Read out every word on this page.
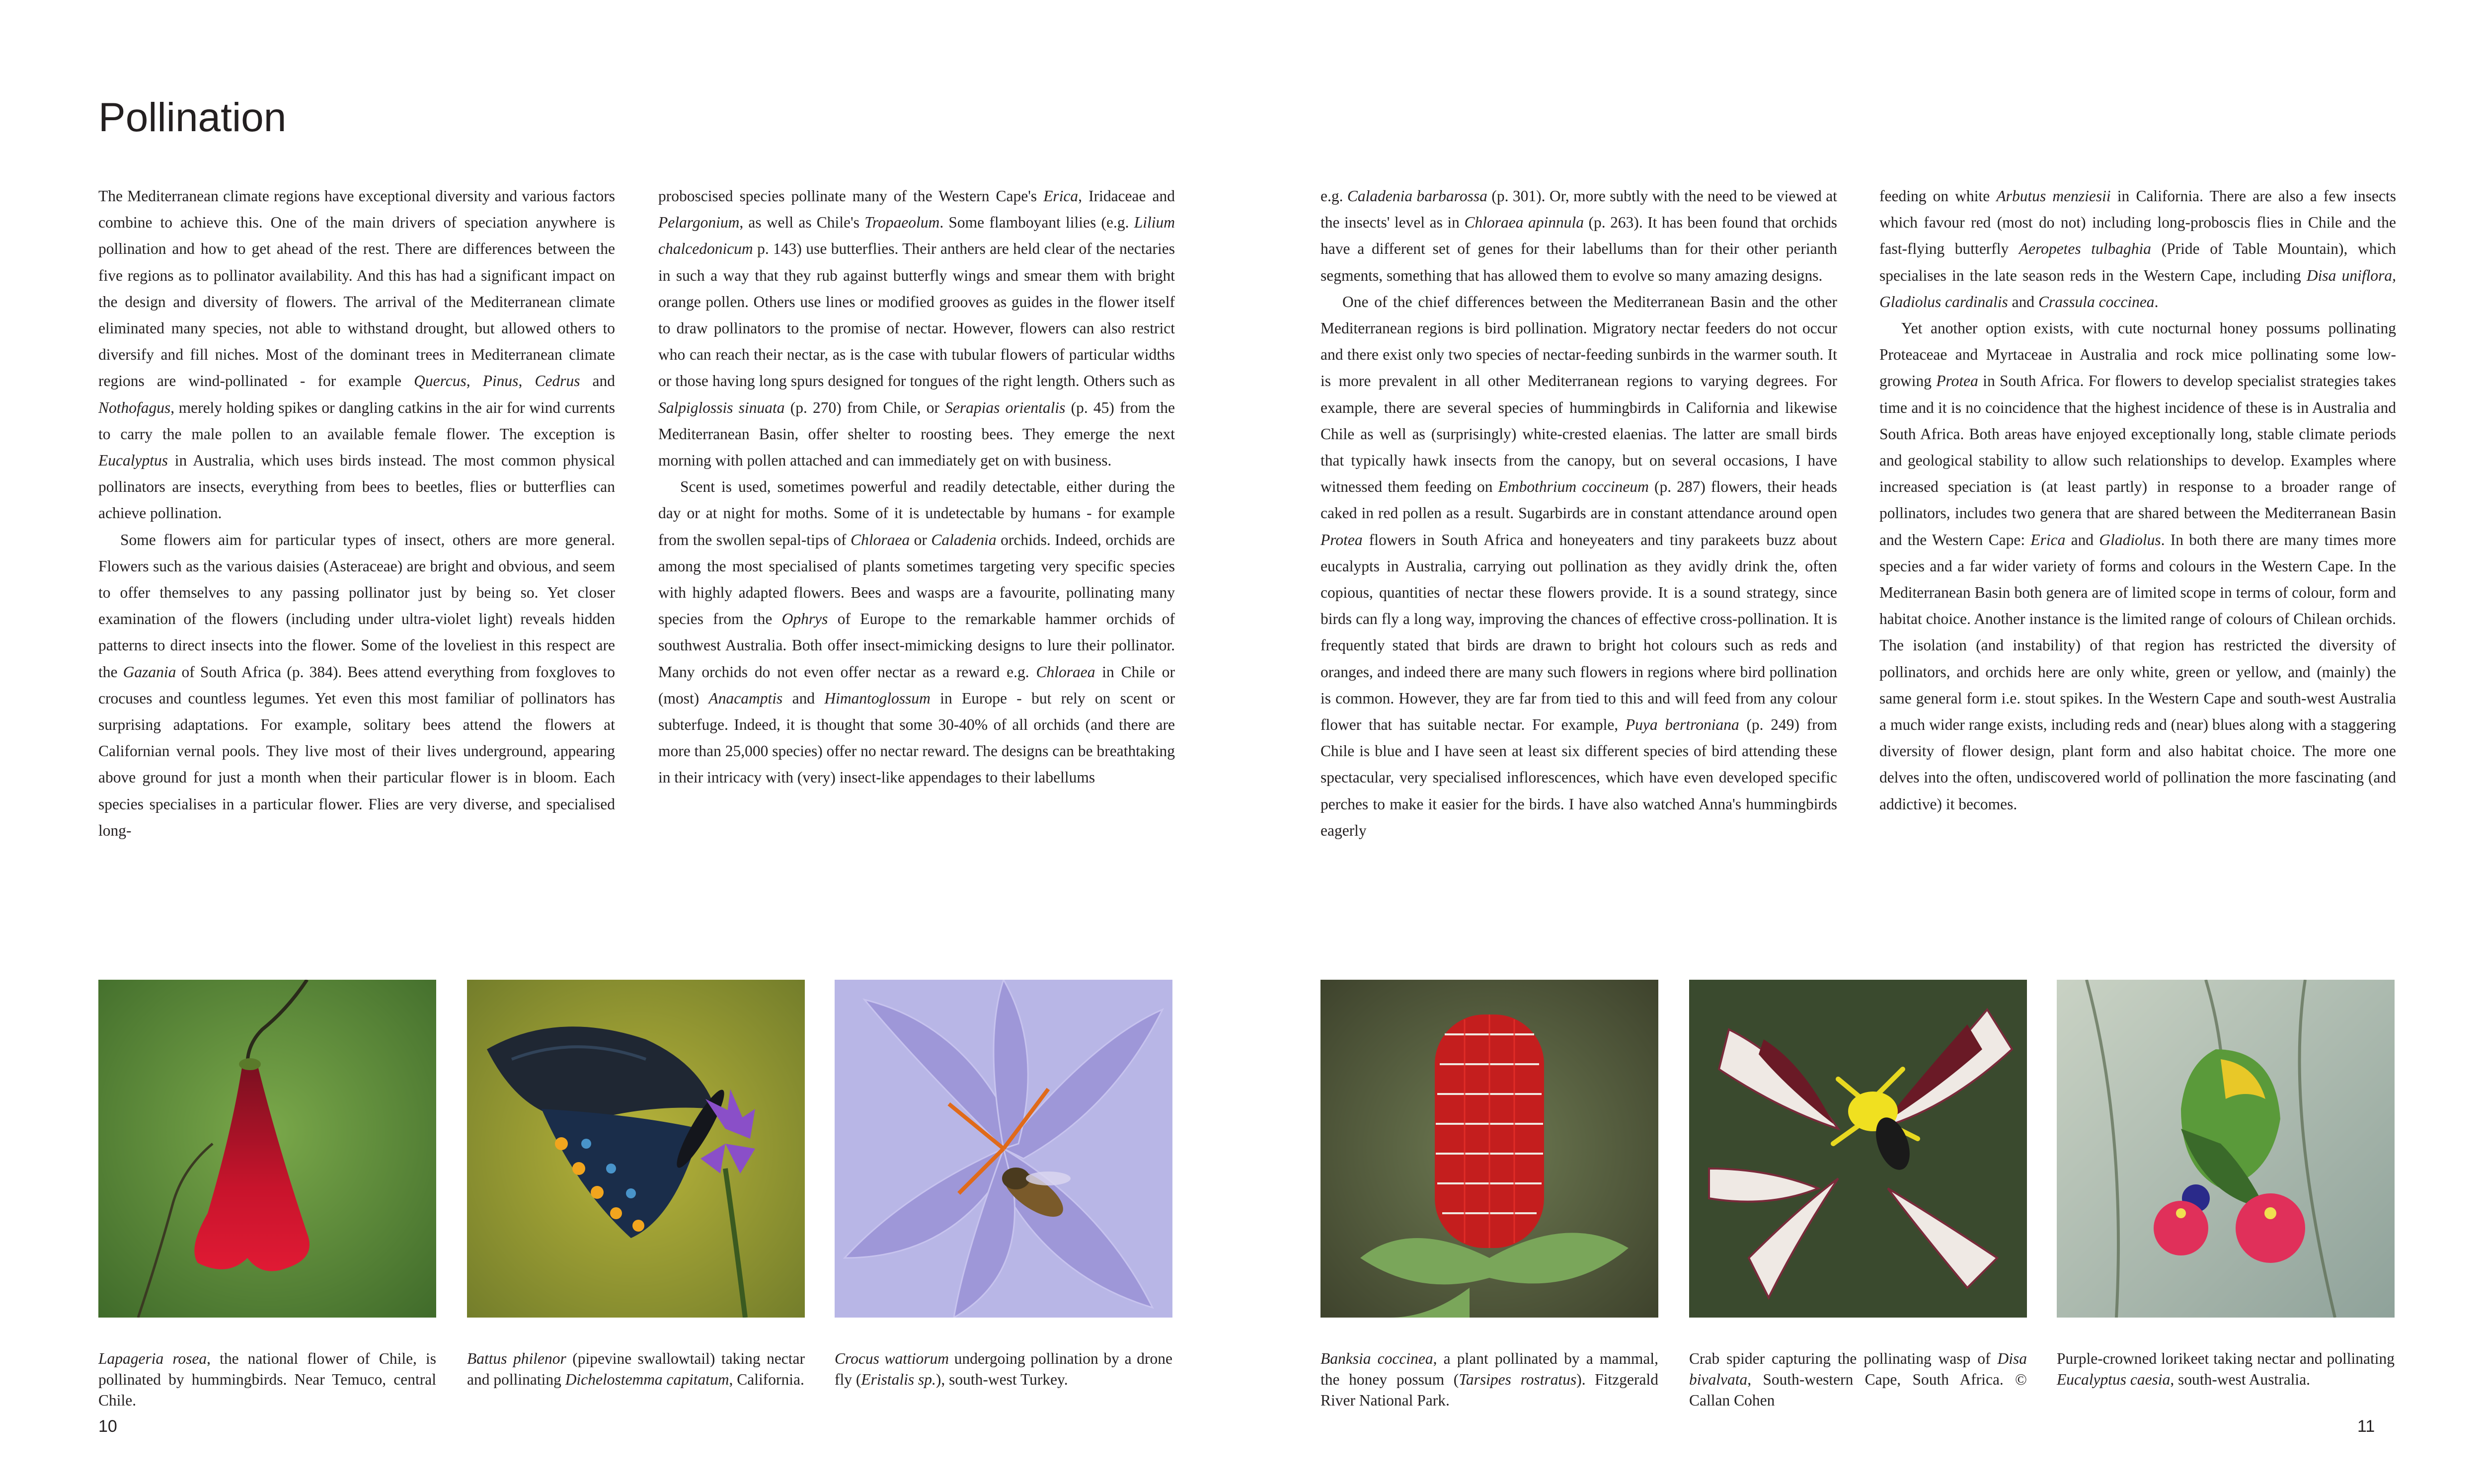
Pollination

The Mediterranean climate regions have exceptional diversity and various factors combine to achieve this. One of the main drivers of speciation anywhere is pollination and how to get ahead of the rest. There are differences between the five regions as to pollinator availability. And this has had a significant impact on the design and diversity of flowers. The arrival of the Mediterranean climate eliminated many species, not able to withstand drought, but allowed others to diversify and fill niches. Most of the dominant trees in Mediterranean climate regions are wind-pollinated - for example Quercus, Pinus, Cedrus and Nothofagus, merely holding spikes or dangling catkins in the air for wind currents to carry the male pollen to an available female flower. The exception is Eucalyptus in Australia, which uses birds instead. The most common physical pollinators are insects, everything from bees to beetles, flies or butterflies can achieve pollination.

Some flowers aim for particular types of insect, others are more general. Flowers such as the various daisies (Asteraceae) are bright and obvious, and seem to offer themselves to any passing pollinator just by being so. Yet closer examination of the flowers (including under ultra-violet light) reveals hidden patterns to direct insects into the flower. Some of the loveliest in this respect are the Gazania of South Africa (p. 384). Bees attend everything from foxgloves to crocuses and countless legumes. Yet even this most familiar of pollinators has surprising adaptations. For example, solitary bees attend the flowers at Californian vernal pools. They live most of their lives underground, appearing above ground for just a month when their particular flower is in bloom. Each species specialises in a particular flower. Flies are very diverse, and specialised long-

proboscised species pollinate many of the Western Cape's Erica, Iridaceae and Pelargonium, as well as Chile's Tropaeolum. Some flamboyant lilies (e.g. Lilium chalcedonicum p. 143) use butterflies. Their anthers are held clear of the nectaries in such a way that they rub against butterfly wings and smear them with bright orange pollen. Others use lines or modified grooves as guides in the flower itself to draw pollinators to the promise of nectar. However, flowers can also restrict who can reach their nectar, as is the case with tubular flowers of particular widths or those having long spurs designed for tongues of the right length. Others such as Salpiglossis sinuata (p. 270) from Chile, or Serapias orientalis (p. 45) from the Mediterranean Basin, offer shelter to roosting bees. They emerge the next morning with pollen attached and can immediately get on with business.

Scent is used, sometimes powerful and readily detectable, either during the day or at night for moths. Some of it is undetectable by humans - for example from the swollen sepal-tips of Chloraea or Caladenia orchids. Indeed, orchids are among the most specialised of plants sometimes targeting very specific species with highly adapted flowers. Bees and wasps are a favourite, pollinating many species from the Ophrys of Europe to the remarkable hammer orchids of southwest Australia. Both offer insect-mimicking designs to lure their pollinator. Many orchids do not even offer nectar as a reward e.g. Chloraea in Chile or (most) Anacamptis and Himantoglossum in Europe - but rely on scent or subterfuge. Indeed, it is thought that some 30-40% of all orchids (and there are more than 25,000 species) offer no nectar reward. The designs can be breathtaking in their intricacy with (very) insect-like appendages to their labellums

Lapageria rosea, the national flower of Chile, is pollinated by hummingbirds. Near Temuco, central Chile.

Battus philenor (pipevine swallowtail) taking nectar and pollinating Dichelostemma capitatum, California.

Crocus wattiorum undergoing pollination by a drone fly (Eristalis sp.), south-west Turkey.

10

e.g. Caladenia barbarossa (p. 301). Or, more subtly with the need to be viewed at the insects' level as in Chloraea apinnula (p. 263). It has been found that orchids have a different set of genes for their labellums than for their other perianth segments, something that has allowed them to evolve so many amazing designs.

One of the chief differences between the Mediterranean Basin and the other Mediterranean regions is bird pollination. Migratory nectar feeders do not occur and there exist only two species of nectar-feeding sunbirds in the warmer south. It is more prevalent in all other Mediterranean regions to varying degrees. For example, there are several species of hummingbirds in California and likewise Chile as well as (surprisingly) white-crested elaenias. The latter are small birds that typically hawk insects from the canopy, but on several occasions, I have witnessed them feeding on Embothrium coccineum (p. 287) flowers, their heads caked in red pollen as a result. Sugarbirds are in constant attendance around open Protea flowers in South Africa and honeyeaters and tiny parakeets buzz about eucalypts in Australia, carrying out pollination as they avidly drink the, often copious, quantities of nectar these flowers provide. It is a sound strategy, since birds can fly a long way, improving the chances of effective cross-pollination. It is frequently stated that birds are drawn to bright hot colours such as reds and oranges, and indeed there are many such flowers in regions where bird pollination is common. However, they are far from tied to this and will feed from any colour flower that has suitable nectar. For example, Puya bertroniana (p. 249) from Chile is blue and I have seen at least six different species of bird attending these spectacular, very specialised inflorescences, which have even developed specific perches to make it easier for the birds. I have also watched Anna's hummingbirds eagerly

feeding on white Arbutus menziesii in California. There are also a few insects which favour red (most do not) including long-proboscis flies in Chile and the fast-flying butterfly Aeropetes tulbaghia (Pride of Table Mountain), which specialises in the late season reds in the Western Cape, including Disa uniflora, Gladiolus cardinalis and Crassula coccinea.

Yet another option exists, with cute nocturnal honey possums pollinating Proteaceae and Myrtaceae in Australia and rock mice pollinating some low-growing Protea in South Africa. For flowers to develop specialist strategies takes time and it is no coincidence that the highest incidence of these is in Australia and South Africa. Both areas have enjoyed exceptionally long, stable climate periods and geological stability to allow such relationships to develop. Examples where increased speciation is (at least partly) in response to a broader range of pollinators, includes two genera that are shared between the Mediterranean Basin and the Western Cape: Erica and Gladiolus. In both there are many times more species and a far wider variety of forms and colours in the Western Cape. In the Mediterranean Basin both genera are of limited scope in terms of colour, form and habitat choice. Another instance is the limited range of colours of Chilean orchids. The isolation (and instability) of that region has restricted the diversity of pollinators, and orchids here are only white, green or yellow, and (mainly) the same general form i.e. stout spikes. In the Western Cape and south-west Australia a much wider range exists, including reds and (near) blues along with a staggering diversity of flower design, plant form and also habitat choice. The more one delves into the often, undiscovered world of pollination the more fascinating (and addictive) it becomes.

Banksia coccinea, a plant pollinated by a mammal, the honey possum (Tarsipes rostratus). Fitzgerald River National Park.

Crab spider capturing the pollinating wasp of Disa bivalvata, South-western Cape, South Africa. © Callan Cohen

Purple-crowned lorikeet taking nectar and pollinating Eucalyptus caesia, south-west Australia.

11
